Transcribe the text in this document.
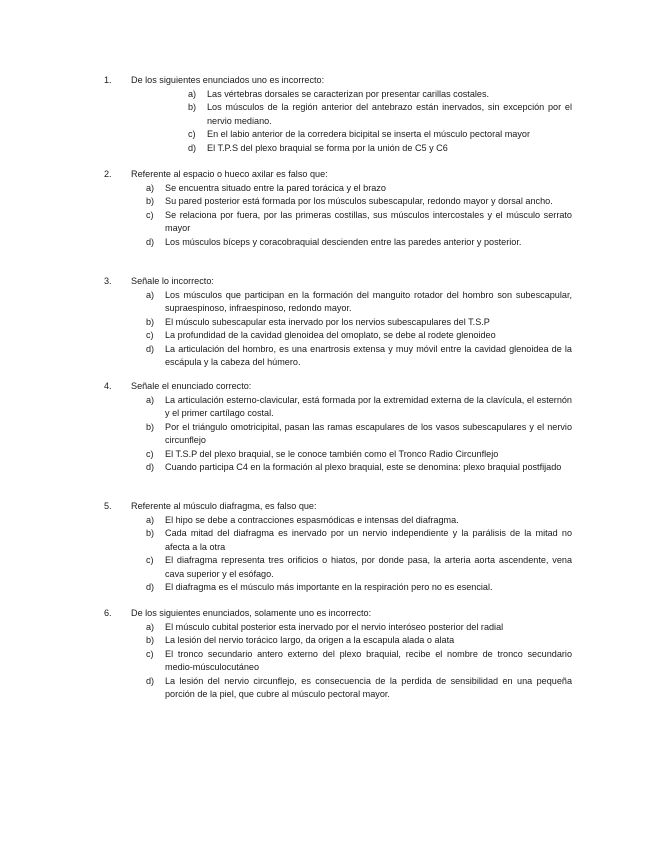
1.	De los siguientes enunciados uno es incorrecto:
a)	Las vértebras dorsales se caracterizan por presentar carillas costales.
b)	Los músculos de la región anterior del antebrazo están inervados, sin excepción por el nervio mediano.
c)	En el labio anterior de la corredera bicipital se inserta el músculo pectoral mayor
d)	El T.P.S del plexo braquial se forma por la unión de C5 y C6
2.	Referente al espacio o hueco axilar es falso que:
a)	Se encuentra situado entre la pared torácica y el brazo
b)	Su pared posterior está formada por los músculos subescapular, redondo mayor y dorsal ancho.
c)	Se relaciona por fuera, por las primeras costillas, sus músculos intercostales y el músculo serrato mayor
d)	Los músculos bíceps y coracobraquial descienden entre las paredes anterior y posterior.
3.	Señale lo incorrecto:
a)	Los músculos que participan en la formación del manguito rotador del hombro son subescapular, supraespinoso, infraespinoso, redondo mayor.
b)	El músculo subescapular esta inervado por los nervios subescapulares del T.S.P
c)	La profundidad de la cavidad glenoidea del omoplato, se debe al rodete glenoideo
d)	La articulación del hombro, es una enartrosis extensa y muy móvil entre la cavidad glenoidea de la escápula y la cabeza del húmero.
4.	Señale el enunciado correcto:
a)	La articulación esterno-clavicular, está formada por la extremidad externa de la clavícula, el esternón y el primer cartílago costal.
b)	Por el triángulo omotricipital, pasan las ramas escapulares de los vasos subescapulares y el nervio circunflejo
c)	El T.S.P del plexo braquial, se le conoce también como el Tronco Radio Circunflejo
d)	Cuando participa C4 en la formación al plexo braquial, este se denomina: plexo braquial postfijado
5.	Referente al músculo diafragma, es falso que:
a)	El hipo se debe a contracciones espasmódicas e intensas del diafragma.
b)	Cada mitad del diafragma es inervado por un nervio independiente y la parálisis de la mitad no afecta a la otra
c)	El diafragma representa tres orificios o hiatos, por donde pasa, la arteria aorta ascendente, vena cava superior y el esófago.
d)	El diafragma es el músculo más importante en la respiración pero no es esencial.
6.	De los siguientes enunciados, solamente uno es incorrecto:
a)	El músculo cubital posterior esta inervado por el nervio interóseo posterior del radial
b)	La lesión del nervio torácico largo, da origen a la escapula alada o alata
c)	El tronco secundario antero externo del plexo braquial, recibe el nombre de tronco secundario medio-músculocutáneo
d)	La lesión del nervio circunflejo, es consecuencia de la perdida de sensibilidad en una pequeña porción de la piel, que cubre al músculo pectoral mayor.
